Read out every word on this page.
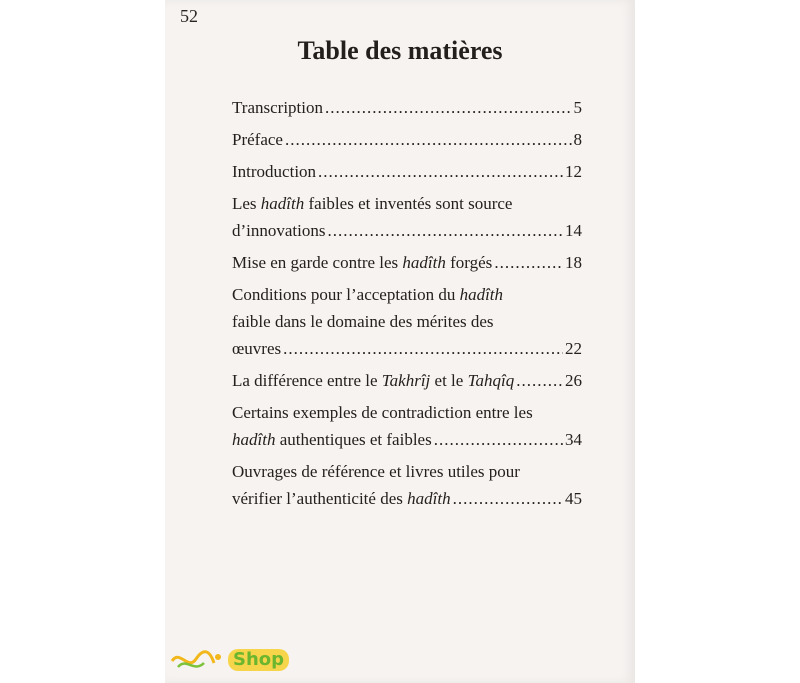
52
Table des matières
Transcription .....	5
Préface .....	8
Introduction .....	12
Les hadîth faibles et inventés sont source
d’innovations .....	14
Mise en garde contre les hadîth forgés .....	18
Conditions pour l’acceptation du hadîth
faible dans le domaine des mérites des
œuvres .....	22
La différence entre le Takhrîj et le Tahqîq .....	26
Certains exemples de contradiction entre les
hadîth authentiques et faibles .....	34
Ouvrages de référence et livres utiles pour
vérifier l’authenticité des hadîth .....	45
Shop
